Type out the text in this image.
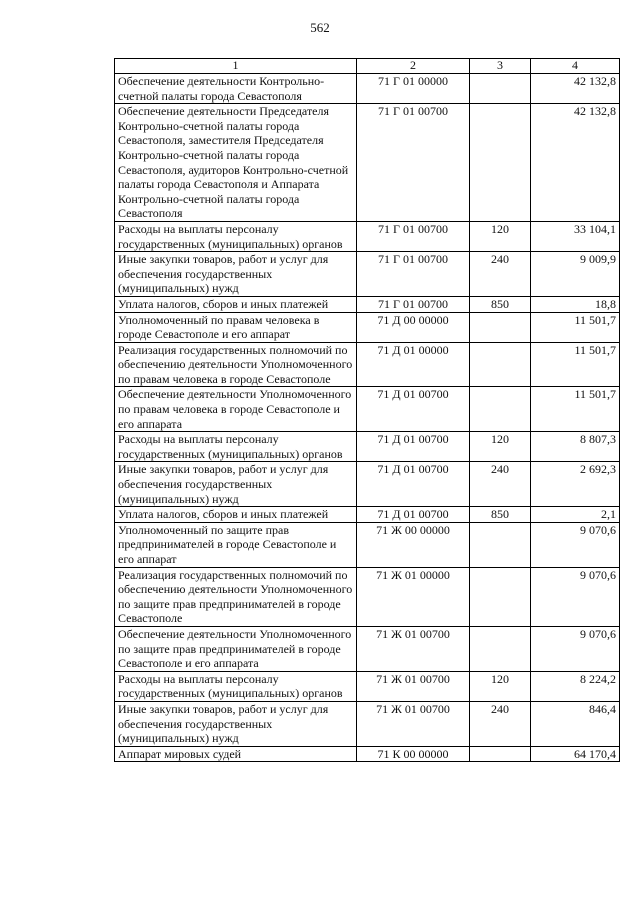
562
1	2	3	4
Обеспечение деятельности Контрольно-счетной палаты города Севастополя	71 Г 01 00000		42 132,8
Обеспечение деятельности Председателя Контрольно-счетной палаты города Севастополя, заместителя Председателя Контрольно-счетной палаты города Севастополя, аудиторов Контрольно-счетной палаты города Севастополя и Аппарата Контрольно-счетной палаты города Севастополя	71 Г 01 00700		42 132,8
Расходы на выплаты персоналу государственных (муниципальных) органов	71 Г 01 00700	120	33 104,1
Иные закупки товаров, работ и услуг для обеспечения государственных (муниципальных) нужд	71 Г 01 00700	240	9 009,9
Уплата налогов, сборов и иных платежей	71 Г 01 00700	850	18,8
Уполномоченный по правам человека в городе Севастополе и его аппарат	71 Д 00 00000		11 501,7
Реализация государственных полномочий по обеспечению деятельности Уполномоченного по правам человека в городе Севастополе	71 Д 01 00000		11 501,7
Обеспечение деятельности Уполномоченного по правам человека в городе Севастополе и его аппарата	71 Д 01 00700		11 501,7
Расходы на выплаты персоналу государственных (муниципальных) органов	71 Д 01 00700	120	8 807,3
Иные закупки товаров, работ и услуг для обеспечения государственных (муниципальных) нужд	71 Д 01 00700	240	2 692,3
Уплата налогов, сборов и иных платежей	71 Д 01 00700	850	2,1
Уполномоченный по защите прав предпринимателей в городе Севастополе и его аппарат	71 Ж 00 00000		9 070,6
Реализация государственных полномочий по обеспечению деятельности Уполномоченного по защите прав предпринимателей в городе Севастополе	71 Ж 01 00000		9 070,6
Обеспечение деятельности Уполномоченного по защите прав предпринимателей в городе Севастополе и его аппарата	71 Ж 01 00700		9 070,6
Расходы на выплаты персоналу государственных (муниципальных) органов	71 Ж 01 00700	120	8 224,2
Иные закупки товаров, работ и услуг для обеспечения государственных (муниципальных) нужд	71 Ж 01 00700	240	846,4
Аппарат мировых судей	71 К 00 00000		64 170,4
